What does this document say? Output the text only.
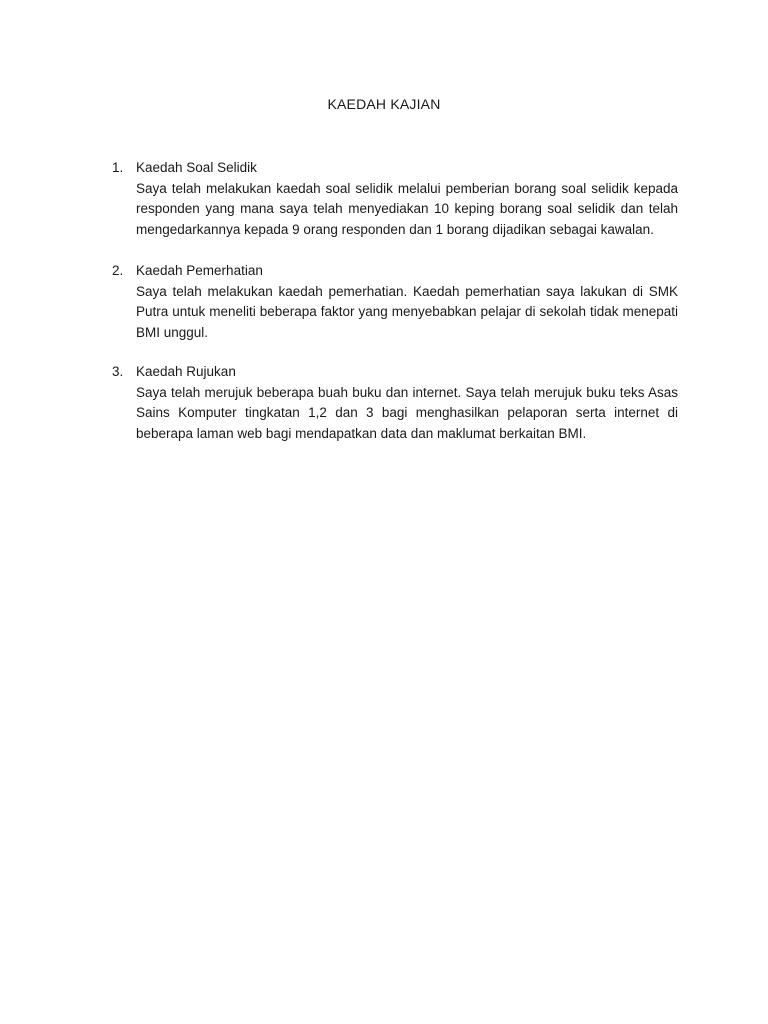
KAEDAH KAJIAN
1. Kaedah Soal Selidik
Saya telah melakukan kaedah soal selidik melalui pemberian borang soal selidik kepada responden yang mana saya telah menyediakan 10 keping borang soal selidik dan telah mengedarkannya kepada 9 orang responden dan 1 borang dijadikan sebagai kawalan.
2. Kaedah Pemerhatian
Saya telah melakukan kaedah pemerhatian. Kaedah pemerhatian saya lakukan di SMK Putra untuk meneliti beberapa faktor yang menyebabkan pelajar di sekolah tidak menepati BMI unggul.
3. Kaedah Rujukan
Saya telah merujuk beberapa buah buku dan internet. Saya telah merujuk buku teks Asas Sains Komputer tingkatan 1,2 dan 3 bagi menghasilkan pelaporan serta internet di beberapa laman web bagi mendapatkan data dan maklumat berkaitan BMI.
